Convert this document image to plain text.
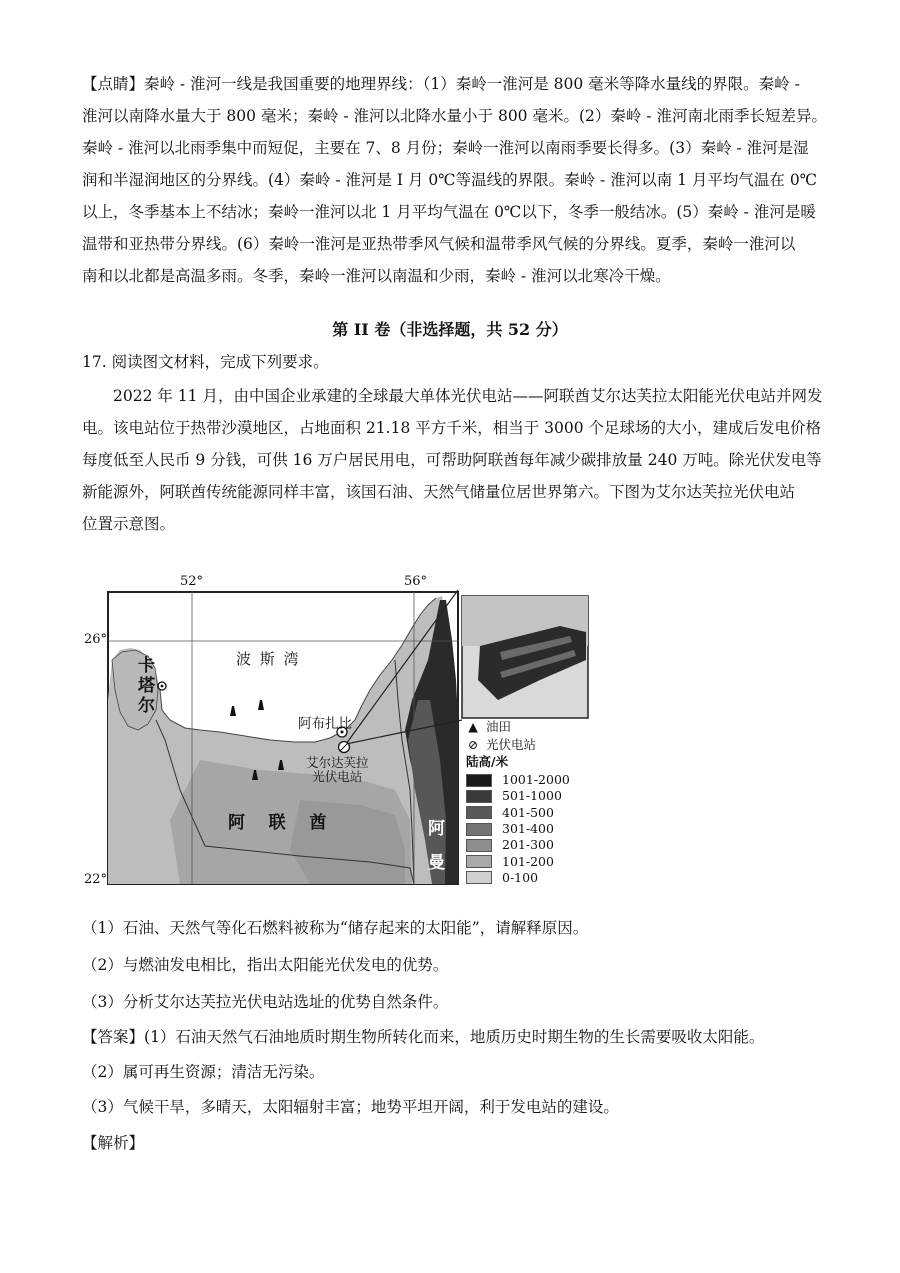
【点睛】秦岭 - 淮河一线是我国重要的地理界线：（1）秦岭一淮河是 800 毫米等降水量线的界限。秦岭 -
淮河以南降水量大于 800 毫米；秦岭 - 淮河以北降水量小于 800 毫米。(2）秦岭 - 淮河南北雨季长短差异。
秦岭 - 淮河以北雨季集中而短促，主要在 7、8 月份；秦岭一淮河以南雨季要长得多。(3）秦岭 - 淮河是湿
润和半湿润地区的分界线。(4）秦岭 - 淮河是 Ⅰ 月 0℃等温线的界限。秦岭 - 淮河以南 1 月平均气温在 0℃
以上，冬季基本上不结冰；秦岭一淮河以北 1 月平均气温在 0℃以下，冬季一般结冰。(5）秦岭 - 淮河是暖
温带和亚热带分界线。(6）秦岭一淮河是亚热带季风气候和温带季风气候的分界线。夏季，秦岭一淮河以
南和以北都是高温多雨。冬季，秦岭一淮河以南温和少雨，秦岭 - 淮河以北寒冷干燥。
第 II 卷（非选择题，共 52 分）
17. 阅读图文材料，完成下列要求。
2022 年 11 月，由中国企业承建的全球最大单体光伏电站——阿联酋艾尔达芙拉太阳能光伏电站并网发
电。该电站位于热带沙漠地区，占地面积 21.18 平方千米，相当于 3000 个足球场的大小，建成后发电价格
每度低至人民币 9 分钱，可供 16 万户居民用电，可帮助阿联酋每年减少碳排放量 240 万吨。除光伏发电等
新能源外，阿联酋传统能源同样丰富，该国石油、天然气储量位居世界第六。下图为艾尔达芙拉光伏电站
位置示意图。
52°	56°
26°
22°
波 斯 湾
卡
塔
尔
阿布扎比
艾尔达芙拉
光伏电站
阿    联    酋	阿
曼
▲ 油田
⊘ 光伏电站
陆高/米
1001-2000
501-1000
401-500
301-400
201-300
101-200
0-100
（1）石油、天然气等化石燃料被称为“储存起来的太阳能”，请解释原因。
（2）与燃油发电相比，指出太阳能光伏发电的优势。
（3）分析艾尔达芙拉光伏电站选址的优势自然条件。
【答案】(1）石油天然气石油地质时期生物所转化而来，地质历史时期生物的生长需要吸收太阳能。
（2）属可再生资源；清洁无污染。
（3）气候干旱，多晴天，太阳辐射丰富；地势平坦开阔，利于发电站的建设。
【解析】
